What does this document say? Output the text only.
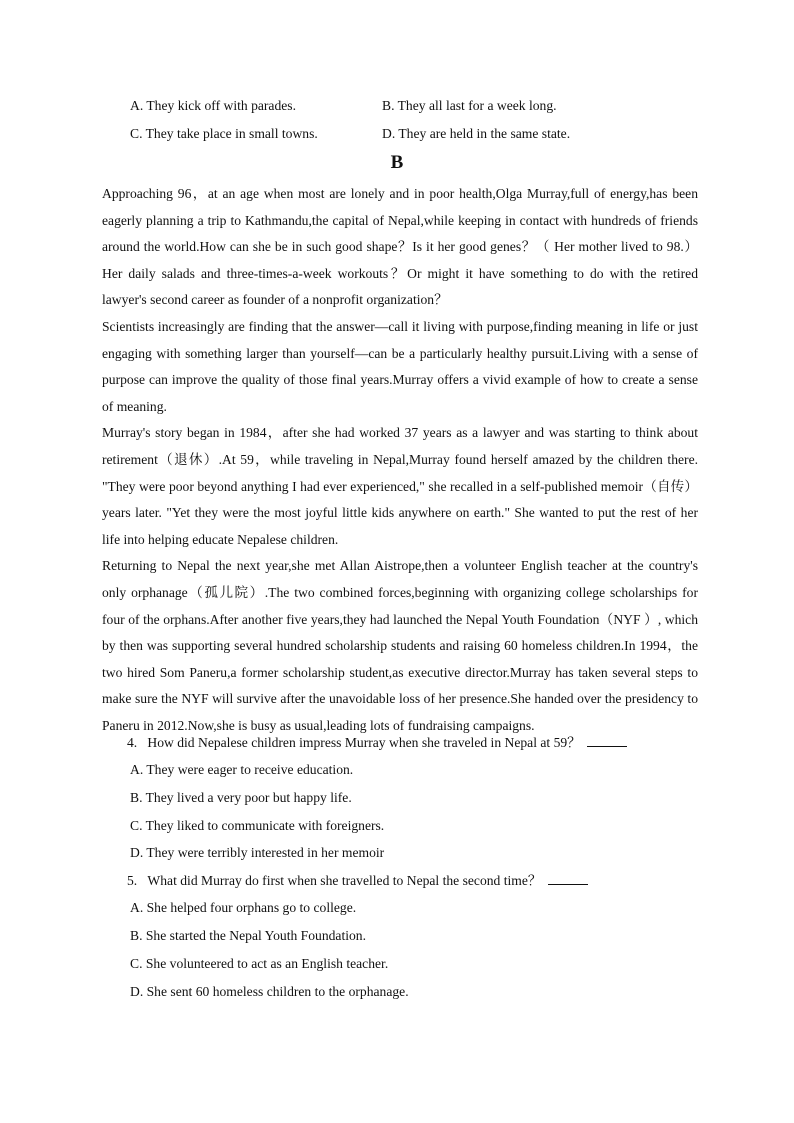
A. They kick off with parades.	B. They all last for a week long.
C. They take place in small towns.	D. They are held in the same state.
B

Approaching 96，at an age when most are lonely and in poor health,Olga Murray,full of energy,has been eagerly planning a trip to Kathmandu,the capital of Nepal,while keeping in contact with hundreds of friends around the world.How can she be in such good shape？Is it her good genes？（ Her mother lived to 98.） Her daily salads and three-times-a-week workouts？Or might it have something to do with the retired lawyer's second career as founder of a nonprofit organization？

Scientists increasingly are finding that the answer—call it living with purpose,finding meaning in life or just engaging with something larger than yourself—can be a particularly healthy pursuit.Living with a sense of purpose can improve the quality of those final years.Murray offers a vivid example of how to create a sense of meaning.

Murray's story began in 1984，after she had worked 37 years as a lawyer and was starting to think about retirement（退休）.At 59，while traveling in Nepal,Murray found herself amazed by the children there. "They were poor beyond anything I had ever experienced," she recalled in a self-published memoir（自传）years later. "Yet they were the most joyful little kids anywhere on earth." She wanted to put the rest of her life into helping educate Nepalese children.

Returning to Nepal the next year,she met Allan Aistrope,then a volunteer English teacher at the country's only orphanage（孤儿院）.The two combined forces,beginning with organizing college scholarships for four of the orphans.After another five years,they had launched the Nepal Youth Foundation（NYF ）, which by then was supporting several hundred scholarship students and raising 60 homeless children.In 1994，the two hired Som Paneru,a former scholarship student,as executive director.Murray has taken several steps to make sure the NYF will survive after the unavoidable loss of her presence.She handed over the presidency to Paneru in 2012.Now,she is busy as usual,leading lots of fundraising campaigns.

4. How did Nepalese children impress Murray when she traveled in Nepal at 59？
A. They were eager to receive education.
B. They lived a very poor but happy life.
C. They liked to communicate with foreigners.
D. They were terribly interested in her memoir
5. What did Murray do first when she travelled to Nepal the second time？
A. She helped four orphans go to college.
B. She started the Nepal Youth Foundation.
C. She volunteered to act as an English teacher.
D. She sent 60 homeless children to the orphanage.
